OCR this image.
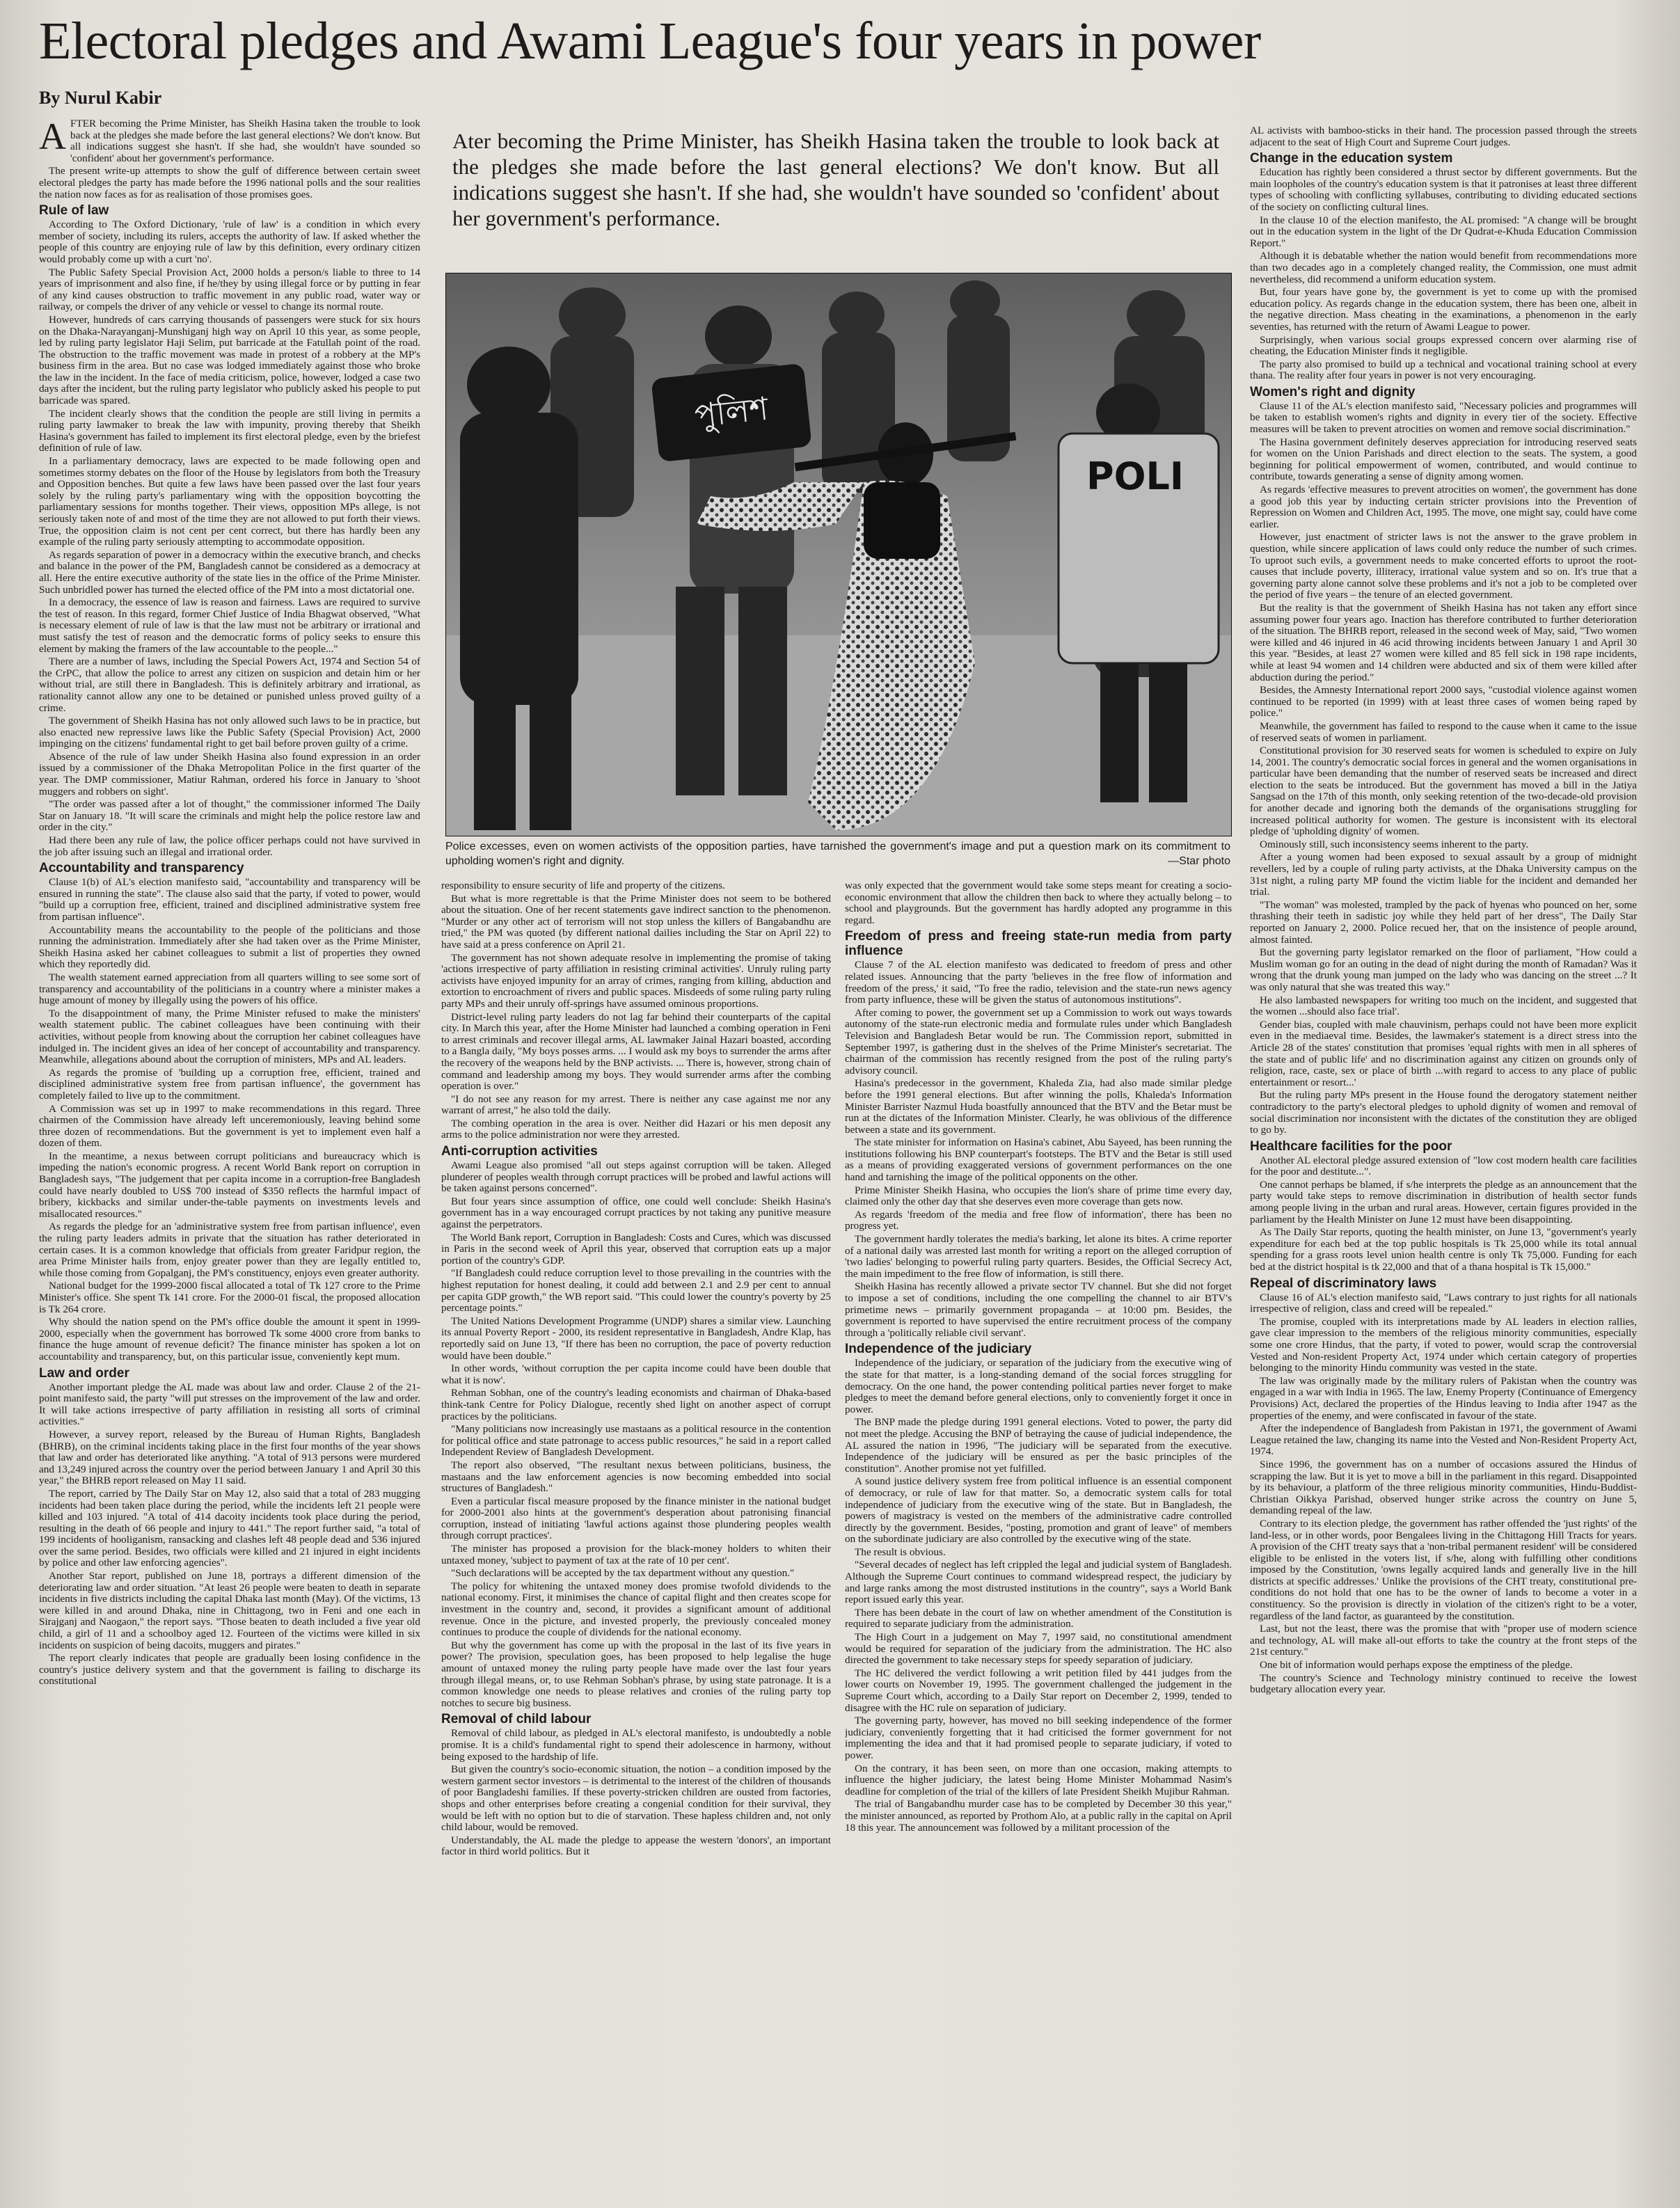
Electoral pledges and Awami League's four years in power
By Nurul Kabir

AFTER becoming the Prime Minister, has Sheikh Hasina taken the trouble to look back at the pledges she made before the last general elections? We don't know. But all indications suggest she hasn't. If she had, she wouldn't have sounded so 'confident' about her government's performance.

The present write-up attempts to show the gulf of difference between certain sweet electoral pledges the party has made before the 1996 national polls and the sour realities the nation now faces as for as realisation of those promises goes.

Rule of law

According to The Oxford Dictionary, 'rule of law' is a condition in which every member of society, including its rulers, accepts the authority of law. If asked whether the people of this country are enjoying rule of law by this definition, every ordinary citizen would probably come up with a curt 'no'.

The Public Safety Special Provision Act, 2000 holds a person/s liable to three to 14 years of imprisonment and also fine, if he/they by using illegal force or by putting in fear of any kind causes obstruction to traffic movement in any public road, water way or railway, or compels the driver of any vehicle or vessel to change its normal route.

However, hundreds of cars carrying thousands of passengers were stuck for six hours on the Dhaka-Narayanganj-Munshiganj high way on April 10 this year, as some people, led by ruling party legislator Haji Selim, put barricade at the Fatullah point of the road. The obstruction to the traffic movement was made in protest of a robbery at the MP's business firm in the area. But no case was lodged immediately against those who broke the law in the incident. In the face of media criticism, police, however, lodged a case two days after the incident, but the ruling party legislator who publicly asked his people to put barricade was spared.

The incident clearly shows that the condition the people are still living in permits a ruling party lawmaker to break the law with impunity, proving thereby that Sheikh Hasina's government has failed to implement its first electoral pledge, even by the briefest definition of rule of law.

In a parliamentary democracy, laws are expected to be made following open and sometimes stormy debates on the floor of the House by legislators from both the Treasury and Opposition benches. But quite a few laws have been passed over the last four years solely by the ruling party's parliamentary wing with the opposition boycotting the parliamentary sessions for months together. Their views, opposition MPs allege, is not seriously taken note of and most of the time they are not allowed to put forth their views. True, the opposition claim is not cent per cent correct, but there has hardly been any example of the ruling party seriously attempting to accommodate opposition.

As regards separation of power in a democracy within the executive branch, and checks and balance in the power of the PM, Bangladesh cannot be considered as a democracy at all. Here the entire executive authority of the state lies in the office of the Prime Minister. Such unbridled power has turned the elected office of the PM into a most dictatorial one.

In a democracy, the essence of law is reason and fairness. Laws are required to survive the test of reason. In this regard, former Chief Justice of India Bhagwat observed, "What is necessary element of rule of law is that the law must not be arbitrary or irrational and must satisfy the test of reason and the democratic forms of policy seeks to ensure this element by making the framers of the law accountable to the people..."

There are a number of laws, including the Special Powers Act, 1974 and Section 54 of the CrPC, that allow the police to arrest any citizen on suspicion and detain him or her without trial, are still there in Bangladesh. This is definitely arbitrary and irrational, as rationality cannot allow any one to be detained or punished unless proved guilty of a crime.

The government of Sheikh Hasina has not only allowed such laws to be in practice, but also enacted new repressive laws like the Public Safety (Special Provision) Act, 2000 impinging on the citizens' fundamental right to get bail before proven guilty of a crime.

Absence of the rule of law under Sheikh Hasina also found expression in an order issued by a commissioner of the Dhaka Metropolitan Police in the first quarter of the year. The DMP commissioner, Matiur Rahman, ordered his force in January to 'shoot muggers and robbers on sight'.

"The order was passed after a lot of thought," the commissioner informed The Daily Star on January 18. "It will scare the criminals and might help the police restore law and order in the city."

Had there been any rule of law, the police officer perhaps could not have survived in the job after issuing such an illegal and irrational order.

Accountability and transparency

Clause 1(b) of AL's election manifesto said, "accountability and transparency will be ensured in running the state". The clause also said that the party, if voted to power, would "build up a corruption free, efficient, trained and disciplined administrative system free from partisan influence".

Accountability means the accountability to the people of the politicians and those running the administration. Immediately after she had taken over as the Prime Minister, Sheikh Hasina asked her cabinet colleagues to submit a list of properties they owned which they reportedly did.

The wealth statement earned appreciation from all quarters willing to see some sort of transparency and accountability of the politicians in a country where a minister makes a huge amount of money by illegally using the powers of his office.

To the disappointment of many, the Prime Minister refused to make the ministers' wealth statement public. The cabinet colleagues have been continuing with their activities, without people from knowing about the corruption her cabinet colleagues have indulged in. The incident gives an idea of her concept of accountability and transparency. Meanwhile, allegations abound about the corruption of ministers, MPs and AL leaders.

As regards the promise of 'building up a corruption free, efficient, trained and disciplined administrative system free from partisan influence', the government has completely failed to live up to the commitment.

A Commission was set up in 1997 to make recommendations in this regard. Three chairmen of the Commission have already left unceremoniously, leaving behind some three dozen of recommendations. But the government is yet to implement even half a dozen of them.

In the meantime, a nexus between corrupt politicians and bureaucracy which is impeding the nation's economic progress. A recent World Bank report on corruption in Bangladesh says, "The judgement that per capita income in a corruption-free Bangladesh could have nearly doubled to US$ 700 instead of $350 reflects the harmful impact of bribery, kickbacks and similar under-the-table payments on investments levels and misallocated resources."

As regards the pledge for an 'administrative system free from partisan influence', even the ruling party leaders admits in private that the situation has rather deteriorated in certain cases. It is a common knowledge that officials from greater Faridpur region, the area Prime Minister hails from, enjoy greater power than they are legally entitled to, while those coming from Gopalganj, the PM's constituency, enjoys even greater authority.

National budget for the 1999-2000 fiscal allocated a total of Tk 127 crore to the Prime Minister's office. She spent Tk 141 crore. For the 2000-01 fiscal, the proposed allocation is Tk 264 crore.

Why should the nation spend on the PM's office double the amount it spent in 1999-2000, especially when the government has borrowed Tk some 4000 crore from banks to finance the huge amount of revenue deficit? The finance minister has spoken a lot on accountability and transparency, but, on this particular issue, conveniently kept mum.

Law and order

Another important pledge the AL made was about law and order. Clause 2 of the 21-point manifesto said, the party "will put stresses on the improvement of the law and order. It will take actions irrespective of party affiliation in resisting all sorts of criminal activities."

However, a survey report, released by the Bureau of Human Rights, Bangladesh (BHRB), on the criminal incidents taking place in the first four months of the year shows that law and order has deteriorated like anything. "A total of 913 persons were murdered and 13,249 injured across the country over the period between January 1 and April 30 this year," the BHRB report released on May 11 said.

The report, carried by The Daily Star on May 12, also said that a total of 283 mugging incidents had been taken place during the period, while the incidents left 21 people were killed and 103 injured. "A total of 414 dacoity incidents took place during the period, resulting in the death of 66 people and injury to 441." The report further said, "a total of 199 incidents of hooliganism, ransacking and clashes left 48 people dead and 536 injured over the same period. Besides, two officials were killed and 21 injured in eight incidents by police and other law enforcing agencies".

Another Star report, published on June 18, portrays a different dimension of the deteriorating law and order situation. "At least 26 people were beaten to death in separate incidents in five districts including the capital Dhaka last month (May). Of the victims, 13 were killed in and around Dhaka, nine in Chittagong, two in Feni and one each in Sirajganj and Naogaon," the report says. "Those beaten to death included a five year old child, a girl of 11 and a schoolboy aged 12. Fourteen of the victims were killed in six incidents on suspicion of being dacoits, muggers and pirates."

The report clearly indicates that people are gradually been losing confidence in the country's justice delivery system and that the government is failing to discharge its constitutional

Ater becoming the Prime Minister, has Sheikh Hasina taken the trouble to look back at the pledges she made before the last general elections? We don't know. But all indications suggest she hasn't. If she had, she wouldn't have sounded so 'confident' about her government's performance.
পুলিশ
POLI
Police excesses, even on women activists of the opposition parties, have tarnished the government's image and put a question mark on its commitment to upholding women's right and dignity.	—Star photo

responsibility to ensure security of life and property of the citizens.

But what is more regrettable is that the Prime Minister does not seem to be bothered about the situation. One of her recent statements gave indirect sanction to the phenomenon. "Murder or any other act of terrorism will not stop unless the killers of Bangabandhu are tried," the PM was quoted (by different national dailies including the Star on April 22) to have said at a press conference on April 21.

The government has not shown adequate resolve in implementing the promise of taking 'actions irrespective of party affiliation in resisting criminal activities'. Unruly ruling party activists have enjoyed impunity for an array of crimes, ranging from killing, abduction and extortion to encroachment of rivers and public spaces. Misdeeds of some ruling party ruling party MPs and their unruly off-springs have assumed ominous proportions.

District-level ruling party leaders do not lag far behind their counterparts of the capital city. In March this year, after the Home Minister had launched a combing operation in Feni to arrest criminals and recover illegal arms, AL lawmaker Jainal Hazari boasted, according to a Bangla daily, "My boys posses arms. ... I would ask my boys to surrender the arms after the recovery of the weapons held by the BNP activists. ... There is, however, strong chain of command and leadership among my boys. They would surrender arms after the combing operation is over."

"I do not see any reason for my arrest. There is neither any case against me nor any warrant of arrest," he also told the daily.

The combing operation in the area is over. Neither did Hazari or his men deposit any arms to the police administration nor were they arrested.

Anti-corruption activities

Awami League also promised "all out steps against corruption will be taken. Alleged plunderer of peoples wealth through corrupt practices will be probed and lawful actions will be taken against persons concerned".

But four years since assumption of office, one could well conclude: Sheikh Hasina's government has in a way encouraged corrupt practices by not taking any punitive measure against the perpetrators.

The World Bank report, Corruption in Bangladesh: Costs and Cures, which was discussed in Paris in the second week of April this year, observed that corruption eats up a major portion of the country's GDP.

"If Bangladesh could reduce corruption level to those prevailing in the countries with the highest reputation for honest dealing, it could add between 2.1 and 2.9 per cent to annual per capita GDP growth," the WB report said. "This could lower the country's poverty by 25 percentage points."

The United Nations Development Programme (UNDP) shares a similar view. Launching its annual Poverty Report - 2000, its resident representative in Bangladesh, Andre Klap, has reportedly said on June 13, "If there has been no corruption, the pace of poverty reduction would have been double."

In other words, 'without corruption the per capita income could have been double that what it is now'.

Rehman Sobhan, one of the country's leading economists and chairman of Dhaka-based think-tank Centre for Policy Dialogue, recently shed light on another aspect of corrupt practices by the politicians.

"Many politicians now increasingly use mastaans as a political resource in the contention for political office and state patronage to access public resources," he said in a report called Independent Review of Bangladesh Development.

The report also observed, "The resultant nexus between politicians, business, the mastaans and the law enforcement agencies is now becoming embedded into social structures of Bangladesh."

Even a particular fiscal measure proposed by the finance minister in the national budget for 2000-2001 also hints at the government's desperation about patronising financial corruption, instead of initiating 'lawful actions against those plundering peoples wealth through corrupt practices'.

The minister has proposed a provision for the black-money holders to whiten their untaxed money, 'subject to payment of tax at the rate of 10 per cent'.

"Such declarations will be accepted by the tax department without any question."

The policy for whitening the untaxed money does promise twofold dividends to the national economy. First, it minimises the chance of capital flight and then creates scope for investment in the country and, second, it provides a significant amount of additional revenue. Once in the picture, and invested properly, the previously concealed money continues to produce the couple of dividends for the national economy.

But why the government has come up with the proposal in the last of its five years in power? The provision, speculation goes, has been proposed to help legalise the huge amount of untaxed money the ruling party people have made over the last four years through illegal means, or, to use Rehman Sobhan's phrase, by using state patronage. It is a common knowledge one needs to please relatives and cronies of the ruling party top notches to secure big business.

Removal of child labour

Removal of child labour, as pledged in AL's electoral manifesto, is undoubtedly a noble promise. It is a child's fundamental right to spend their adolescence in harmony, without being exposed to the hardship of life.

But given the country's socio-economic situation, the notion – a condition imposed by the western garment sector investors – is detrimental to the interest of the children of thousands of poor Bangladeshi families. If these poverty-stricken children are ousted from factories, shops and other enterprises before creating a congenial condition for their survival, they would be left with no option but to die of starvation. These hapless children and, not only child labour, would be removed.

Understandably, the AL made the pledge to appease the western 'donors', an important factor in third world politics. But it

was only expected that the government would take some steps meant for creating a socio-economic environment that allow the children then back to where they actually belong – to school and playgrounds. But the government has hardly adopted any programme in this regard.

Freedom of press and freeing state-run media from party influence

Clause 7 of the AL election manifesto was dedicated to freedom of press and other related issues. Announcing that the party 'believes in the free flow of information and freedom of the press,' it said, "To free the radio, television and the state-run news agency from party influence, these will be given the status of autonomous institutions".

After coming to power, the government set up a Commission to work out ways towards autonomy of the state-run electronic media and formulate rules under which Bangladesh Television and Bangladesh Betar would be run. The Commission report, submitted in September 1997, is gathering dust in the shelves of the Prime Minister's secretariat. The chairman of the commission has recently resigned from the post of the ruling party's advisory council.

Hasina's predecessor in the government, Khaleda Zia, had also made similar pledge before the 1991 general elections. But after winning the polls, Khaleda's Information Minister Barrister Nazmul Huda boastfully announced that the BTV and the Betar must be run at the dictates of the Information Minister. Clearly, he was oblivious of the difference between a state and its government.

The state minister for information on Hasina's cabinet, Abu Sayeed, has been running the institutions following his BNP counterpart's footsteps. The BTV and the Betar is still used as a means of providing exaggerated versions of government performances on the one hand and tarnishing the image of the political opponents on the other.

Prime Minister Sheikh Hasina, who occupies the lion's share of prime time every day, claimed only the other day that she deserves even more coverage than gets now.

As regards 'freedom of the media and free flow of information', there has been no progress yet.

The government hardly tolerates the media's barking, let alone its bites. A crime reporter of a national daily was arrested last month for writing a report on the alleged corruption of 'two ladies' belonging to powerful ruling party quarters. Besides, the Official Secrecy Act, the main impediment to the free flow of information, is still there.

Sheikh Hasina has recently allowed a private sector TV channel. But she did not forget to impose a set of conditions, including the one compelling the channel to air BTV's primetime news – primarily government propaganda – at 10:00 pm. Besides, the government is reported to have supervised the entire recruitment process of the company through a 'politically reliable civil servant'.

Independence of the judiciary

Independence of the judiciary, or separation of the judiciary from the executive wing of the state for that matter, is a long-standing demand of the social forces struggling for democracy. On the one hand, the power contending political parties never forget to make pledges to meet the demand before general elections, only to conveniently forget it once in power.

The BNP made the pledge during 1991 general elections. Voted to power, the party did not meet the pledge. Accusing the BNP of betraying the cause of judicial independence, the AL assured the nation in 1996, "The judiciary will be separated from the executive. Independence of the judiciary will be ensured as per the basic principles of the constitution". Another promise not yet fulfilled.

A sound justice delivery system free from political influence is an essential component of democracy, or rule of law for that matter. So, a democratic system calls for total independence of judiciary from the executive wing of the state. But in Bangladesh, the powers of magistracy is vested on the members of the administrative cadre controlled directly by the government. Besides, "posting, promotion and grant of leave" of members on the subordinate judiciary are also controlled by the executive wing of the state.

The result is obvious.

"Several decades of neglect has left crippled the legal and judicial system of Bangladesh. Although the Supreme Court continues to command widespread respect, the judiciary by and large ranks among the most distrusted institutions in the country", says a World Bank report issued early this year.

There has been debate in the court of law on whether amendment of the Constitution is required to separate judiciary from the administration.

The High Court in a judgement on May 7, 1997 said, no constitutional amendment would be required for separation of the judiciary from the administration. The HC also directed the government to take necessary steps for speedy separation of judiciary.

The HC delivered the verdict following a writ petition filed by 441 judges from the lower courts on November 19, 1995. The government challenged the judgement in the Supreme Court which, according to a Daily Star report on December 2, 1999, tended to disagree with the HC rule on separation of judiciary.

The governing party, however, has moved no bill seeking independence of the former judiciary, conveniently forgetting that it had criticised the former government for not implementing the idea and that it had promised people to separate judiciary, if voted to power.

On the contrary, it has been seen, on more than one occasion, making attempts to influence the higher judiciary, the latest being Home Minister Mohammad Nasim's deadline for completion of the trial of the killers of late President Sheikh Mujibur Rahman.

The trial of Bangabandhu murder case has to be completed by December 30 this year," the minister announced, as reported by Prothom Alo, at a public rally in the capital on April 18 this year. The announcement was followed by a militant procession of the

AL activists with bamboo-sticks in their hand. The procession passed through the streets adjacent to the seat of High Court and Supreme Court judges.

Change in the education system

Education has rightly been considered a thrust sector by different governments. But the main loopholes of the country's education system is that it patronises at least three different types of schooling with conflicting syllabuses, contributing to dividing educated sections of the society on conflicting cultural lines.

In the clause 10 of the election manifesto, the AL promised: "A change will be brought out in the education system in the light of the Dr Qudrat-e-Khuda Education Commission Report."

Although it is debatable whether the nation would benefit from recommendations more than two decades ago in a completely changed reality, the Commission, one must admit nevertheless, did recommend a uniform education system.

But, four years have gone by, the government is yet to come up with the promised education policy. As regards change in the education system, there has been one, albeit in the negative direction. Mass cheating in the examinations, a phenomenon in the early seventies, has returned with the return of Awami League to power.

Surprisingly, when various social groups expressed concern over alarming rise of cheating, the Education Minister finds it negligible.

The party also promised to build up a technical and vocational training school at every thana. The reality after four years in power is not very encouraging.

Women's right and dignity

Clause 11 of the AL's election manifesto said, "Necessary policies and programmes will be taken to establish women's rights and dignity in every tier of the society. Effective measures will be taken to prevent atrocities on women and remove social discrimination."

The Hasina government definitely deserves appreciation for introducing reserved seats for women on the Union Parishads and direct election to the seats. The system, a good beginning for political empowerment of women, contributed, and would continue to contribute, towards generating a sense of dignity among women.

As regards 'effective measures to prevent atrocities on women', the government has done a good job this year by inducting certain stricter provisions into the Prevention of Repression on Women and Children Act, 1995. The move, one might say, could have come earlier.

However, just enactment of stricter laws is not the answer to the grave problem in question, while sincere application of laws could only reduce the number of such crimes. To uproot such evils, a government needs to make concerted efforts to uproot the root-causes that include poverty, illiteracy, irrational value system and so on. It's true that a governing party alone cannot solve these problems and it's not a job to be completed over the period of five years – the tenure of an elected government.

But the reality is that the government of Sheikh Hasina has not taken any effort since assuming power four years ago. Inaction has therefore contributed to further deterioration of the situation. The BHRB report, released in the second week of May, said, "Two women were killed and 46 injured in 46 acid throwing incidents between January 1 and April 30 this year. "Besides, at least 27 women were killed and 85 fell sick in 198 rape incidents, while at least 94 women and 14 children were abducted and six of them were killed after abduction during the period."

Besides, the Amnesty International report 2000 says, "custodial violence against women continued to be reported (in 1999) with at least three cases of women being raped by police."

Meanwhile, the government has failed to respond to the cause when it came to the issue of reserved seats of women in parliament.

Constitutional provision for 30 reserved seats for women is scheduled to expire on July 14, 2001. The country's democratic social forces in general and the women organisations in particular have been demanding that the number of reserved seats be increased and direct election to the seats be introduced. But the government has moved a bill in the Jatiya Sangsad on the 17th of this month, only seeking retention of the two-decade-old provision for another decade and ignoring both the demands of the organisations struggling for increased political authority for women. The gesture is inconsistent with its electoral pledge of 'upholding dignity' of women.

Ominously still, such inconsistency seems inherent to the party.

After a young women had been exposed to sexual assault by a group of midnight revellers, led by a couple of ruling party activists, at the Dhaka University campus on the 31st night, a ruling party MP found the victim liable for the incident and demanded her trial.

"The woman" was molested, trampled by the pack of hyenas who pounced on her, some thrashing their teeth in sadistic joy while they held part of her dress", The Daily Star reported on January 2, 2000. Police recued her, that on the insistence of people around, almost fainted.

But the governing party legislator remarked on the floor of parliament, "How could a Muslim woman go for an outing in the dead of night during the month of Ramadan? Was it wrong that the drunk young man jumped on the lady who was dancing on the street ...? It was only natural that she was treated this way."

He also lambasted newspapers for writing too much on the incident, and suggested that the women ...should also face trial'.

Gender bias, coupled with male chauvinism, perhaps could not have been more explicit even in the mediaeval time. Besides, the lawmaker's statement is a direct stress into the Article 28 of the states' constitution that promises 'equal rights with men in all spheres of the state and of public life' and no discrimination against any citizen on grounds only of religion, race, caste, sex or place of birth ...with regard to access to any place of public entertainment or resort...'

But the ruling party MPs present in the House found the derogatory statement neither contradictory to the party's electoral pledges to uphold dignity of women and removal of social discrimination nor inconsistent with the dictates of the constitution they are obliged to go by.

Healthcare facilities for the poor

Another AL electoral pledge assured extension of "low cost modern health care facilities for the poor and destitute...".

One cannot perhaps be blamed, if s/he interprets the pledge as an announcement that the party would take steps to remove discrimination in distribution of health sector funds among people living in the urban and rural areas. However, certain figures provided in the parliament by the Health Minister on June 12 must have been disappointing.

As The Daily Star reports, quoting the health minister, on June 13, "government's yearly expenditure for each bed at the top public hospitals is Tk 25,000 while its total annual spending for a grass roots level union health centre is only Tk 75,000. Funding for each bed at the district hospital is tk 22,000 and that of a thana hospital is Tk 15,000."

Repeal of discriminatory laws

Clause 16 of AL's election manifesto said, "Laws contrary to just rights for all nationals irrespective of religion, class and creed will be repealed."

The promise, coupled with its interpretations made by AL leaders in election rallies, gave clear impression to the members of the religious minority communities, especially some one crore Hindus, that the party, if voted to power, would scrap the controversial Vested and Non-resident Property Act, 1974 under which certain category of properties belonging to the minority Hindu community was vested in the state.

The law was originally made by the military rulers of Pakistan when the country was engaged in a war with India in 1965. The law, Enemy Property (Continuance of Emergency Provisions) Act, declared the properties of the Hindus leaving to India after 1947 as the properties of the enemy, and were confiscated in favour of the state.

After the independence of Bangladesh from Pakistan in 1971, the government of Awami League retained the law, changing its name into the Vested and Non-Resident Property Act, 1974.

Since 1996, the government has on a number of occasions assured the Hindus of scrapping the law. But it is yet to move a bill in the parliament in this regard. Disappointed by its behaviour, a platform of the three religious minority communities, Hindu-Buddist-Christian Oikkya Parishad, observed hunger strike across the country on June 5, demanding repeal of the law.

Contrary to its election pledge, the government has rather offended the 'just rights' of the land-less, or in other words, poor Bengalees living in the Chittagong Hill Tracts for years. A provision of the CHT treaty says that a 'non-tribal permanent resident' will be considered eligible to be enlisted in the voters list, if s/he, along with fulfilling other conditions imposed by the Constitution, 'owns legally acquired lands and generally live in the hill districts at specific addresses.' Unlike the provisions of the CHT treaty, constitutional pre-conditions do not hold that one has to be the owner of lands to become a voter in a constituency. So the provision is directly in violation of the citizen's right to be a voter, regardless of the land factor, as guaranteed by the constitution.

Last, but not the least, there was the promise that with "proper use of modern science and technology, AL will make all-out efforts to take the country at the front steps of the 21st century."

One bit of information would perhaps expose the emptiness of the pledge.

The country's Science and Technology ministry continued to receive the lowest budgetary allocation every year.
